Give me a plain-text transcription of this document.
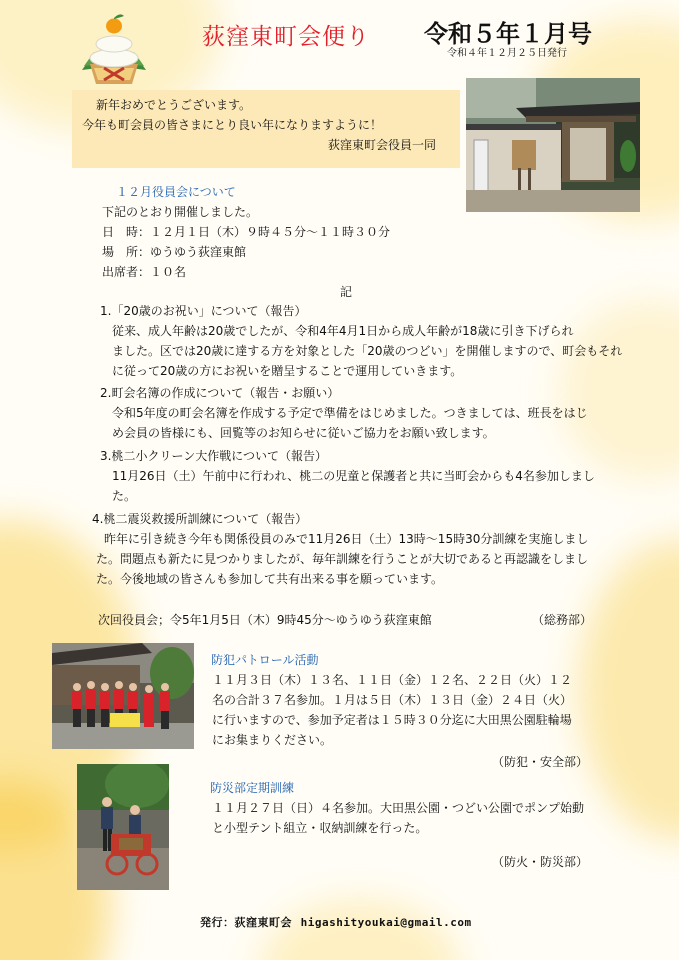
荻窪東町会便り 令和５年１月号
令和４年１２月２５日発行
新年おめでとうございます。
今年も町会員の皆さまにとり良い年になりますように！
荻窪東町会役員一同
１２月役員会について
下記のとおり開催しました。
日　時：１２月１日（木）９時４５分～１１時３０分
場　所：ゆうゆう荻窪東館
出席者：１０名
記
1.「20歳のお祝い」について（報告）
従来、成人年齢は20歳でしたが、令和4年4月1日から成人年齢が18歳に引き下げられ
ました。区では20歳に達する方を対象とした「20歳のつどい」を開催しますので、町会もそれ
に従って20歳の方にお祝いを贈呈することで運用していきます。
2.町会名簿の作成について（報告・お願い）
令和5年度の町会名簿を作成する予定で準備をはじめました。つきましては、班長をはじ
め会員の皆様にも、回覧等のお知らせに従いご協力をお願い致します。
3.桃二小クリーン大作戦について（報告）
11月26日（土）午前中に行われ、桃二の児童と保護者と共に当町会からも4名参加しまし
た。
4.桃二震災救援所訓練について（報告）
昨年に引き続き今年も関係役員のみで11月26日（土）13時～15時30分訓練を実施しまし
た。問題点も新たに見つかりましたが、毎年訓練を行うことが大切であると再認識をしまし
た。今後地域の皆さんも参加して共有出来る事を願っています。
次回役員会；令5年1月5日（木）9時45分～ゆうゆう荻窪東館	（総務部）
防犯パトロール活動
１１月３日（木）１３名、１１日（金）１２名、２２日（火）１２
名の合計３７名参加。１月は５日（木）１３日（金）２４日（火）
に行いますので、参加予定者は１５時３０分迄に大田黒公園駐輪場
にお集まりください。
（防犯・安全部）
防災部定期訓練
１１月２７日（日）４名参加。大田黒公園・つどい公園でポンプ始動
と小型テント組立・収納訓練を行った。
（防火・防災部）
発行：荻窪東町会 higashityoukai@gmail.com
